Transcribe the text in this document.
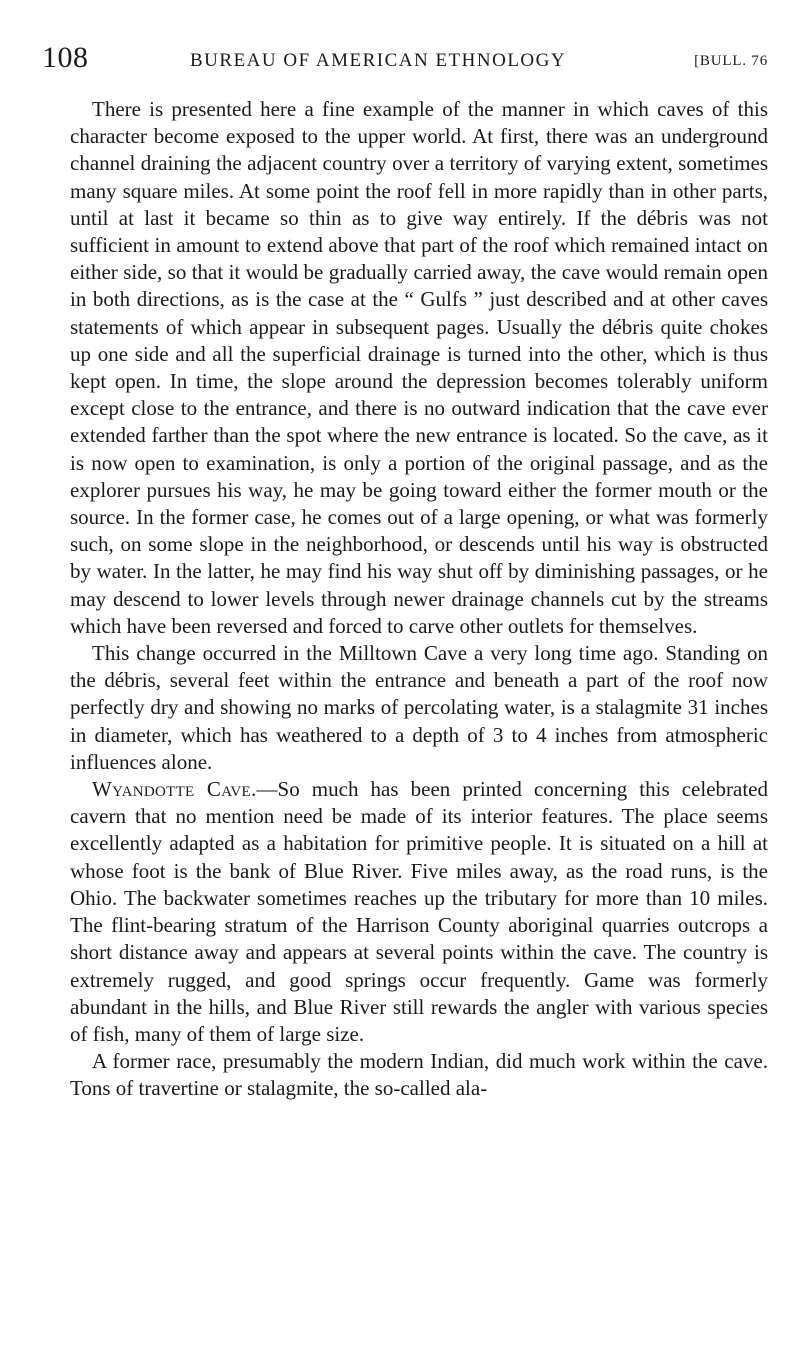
108	BUREAU OF AMERICAN ETHNOLOGY	[BULL. 76

There is presented here a fine example of the manner in which caves of this character become exposed to the upper world. At first, there was an underground channel draining the adjacent country over a territory of varying extent, sometimes many square miles. At some point the roof fell in more rapidly than in other parts, until at last it became so thin as to give way entirely. If the débris was not sufficient in amount to extend above that part of the roof which remained intact on either side, so that it would be gradually carried away, the cave would remain open in both directions, as is the case at the “ Gulfs ” just described and at other caves statements of which appear in subsequent pages. Usually the débris quite chokes up one side and all the superficial drainage is turned into the other, which is thus kept open. In time, the slope around the depression becomes tolerably uniform except close to the entrance, and there is no outward indication that the cave ever extended farther than the spot where the new entrance is located. So the cave, as it is now open to examination, is only a portion of the original passage, and as the explorer pursues his way, he may be going toward either the former mouth or the source. In the former case, he comes out of a large opening, or what was formerly such, on some slope in the neighborhood, or descends until his way is obstructed by water. In the latter, he may find his way shut off by diminishing passages, or he may descend to lower levels through newer drainage channels cut by the streams which have been reversed and forced to carve other outlets for themselves.

This change occurred in the Milltown Cave a very long time ago. Standing on the débris, several feet within the entrance and beneath a part of the roof now perfectly dry and showing no marks of percolating water, is a stalagmite 31 inches in diameter, which has weathered to a depth of 3 to 4 inches from atmospheric influences alone.

Wyandotte Cave.—So much has been printed concerning this celebrated cavern that no mention need be made of its interior features. The place seems excellently adapted as a habitation for primitive people. It is situated on a hill at whose foot is the bank of Blue River. Five miles away, as the road runs, is the Ohio. The backwater sometimes reaches up the tributary for more than 10 miles. The flint-bearing stratum of the Harrison County aboriginal quarries outcrops a short distance away and appears at several points within the cave. The country is extremely rugged, and good springs occur frequently. Game was formerly abundant in the hills, and Blue River still rewards the angler with various species of fish, many of them of large size.

A former race, presumably the modern Indian, did much work within the cave. Tons of travertine or stalagmite, the so-called ala-
